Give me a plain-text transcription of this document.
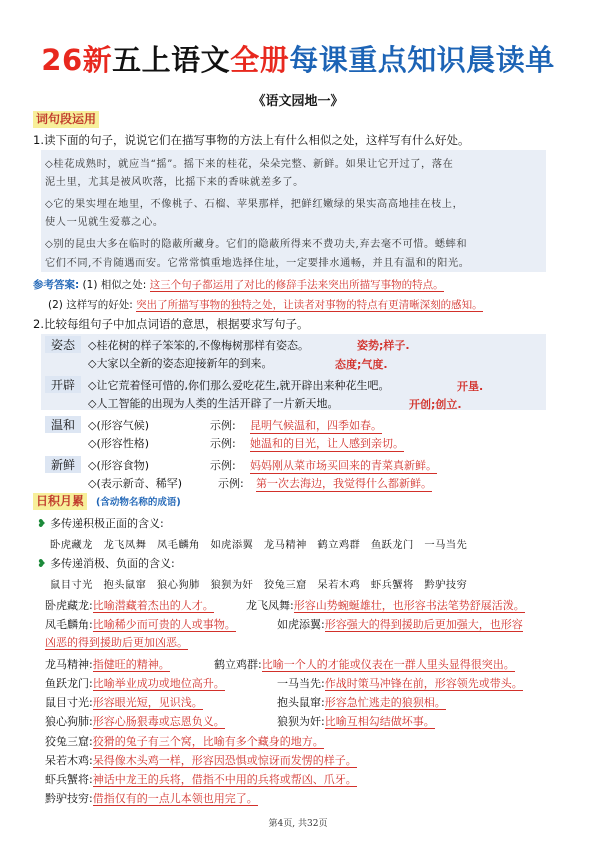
26新五上语文全册每课重点知识晨读单
《语文园地一》
词句段运用
1.读下面的句子，说说它们在描写事物的方法上有什么相似之处，这样写有什么好处。
◇桂花成熟时，就应当“摇”。摇下来的桂花，朵朵完整、新鲜。如果让它开过了，落在
泥土里，尤其是被风吹落，比摇下来的香味就差多了。
◇它的果实埋在地里，不像桃子、石榴、苹果那样，把鲜红嫩绿的果实高高地挂在枝上，
使人一见就生爱慕之心。
◇别的昆虫大多在临时的隐蔽所藏身。它们的隐蔽所得来不费功夫,弃去毫不可惜。蟋蟀和
它们不同,不肯随遇而安。它常常慎重地选择住址，一定要排水通畅，并且有温和的阳光。
参考答案: (1) 相似之处: 这三个句子都运用了对比的修辞手法来突出所描写事物的特点。
(2) 这样写的好处: 突出了所描写事物的独特之处，让读者对事物的特点有更清晰深刻的感知。
2.比较每组句子中加点词语的意思，根据要求写句子。
姿态	◇桂花树的样子笨笨的,不像梅树那样有姿态。	姿势;样子.
◇大家以全新的姿态迎接新年的到来。	态度;气度.
开辟	◇让它荒着怪可惜的,你们那么爱吃花生,就开辟出来种花生吧。	开垦.
◇人工智能的出现为人类的生活开辟了一片新天地。	开创;创立.
温和	◇(形容气候)	示例: 昆明气候温和，四季如春。
◇(形容性格)	示例: 她温和的目光，让人感到亲切。
新鲜	◇(形容食物)	示例: 妈妈刚从菜市场买回来的青菜真新鲜。
◇(表示新奇、稀罕)	示例: 第一次去海边，我觉得什么都新鲜。
日积月累	(含动物名称的成语)
❥ 多传递积极正面的含义:
卧虎藏龙　龙飞凤舞　凤毛麟角　如虎添翼　龙马精神　鹤立鸡群　鱼跃龙门　一马当先
❥ 多传递消极、负面的含义:
鼠目寸光　抱头鼠窜　狼心狗肺　狼狈为奸　狡兔三窟　呆若木鸡　虾兵蟹将　黔驴技穷
卧虎藏龙:比喻潜藏着杰出的人才。	龙飞凤舞:形容山势蜿蜒雄壮，也形容书法笔势舒展活泼。
凤毛麟角:比喻稀少而可贵的人或事物。	如虎添翼:形容强大的得到援助后更加强大，也形容
凶恶的得到援助后更加凶恶。
龙马精神:指健旺的精神。	鹤立鸡群:比喻一个人的才能或仪表在一群人里头显得很突出。
鱼跃龙门:比喻举业成功或地位高升。	一马当先:作战时策马冲锋在前，形容领先或带头。
鼠目寸光:形容眼光短，见识浅。	抱头鼠窜:形容急忙逃走的狼狈相。
狼心狗肺:形容心肠狠毒或忘恩负义。	狼狈为奸:比喻互相勾结做坏事。
狡兔三窟:狡猾的兔子有三个窝，比喻有多个藏身的地方。
呆若木鸡:呆得像木头鸡一样，形容因恐惧或惊讶而发愣的样子。
虾兵蟹将:神话中龙王的兵将，借指不中用的兵将或帮凶、爪牙。
黔驴技穷:借指仅有的一点儿本领也用完了。
第4页, 共32页
